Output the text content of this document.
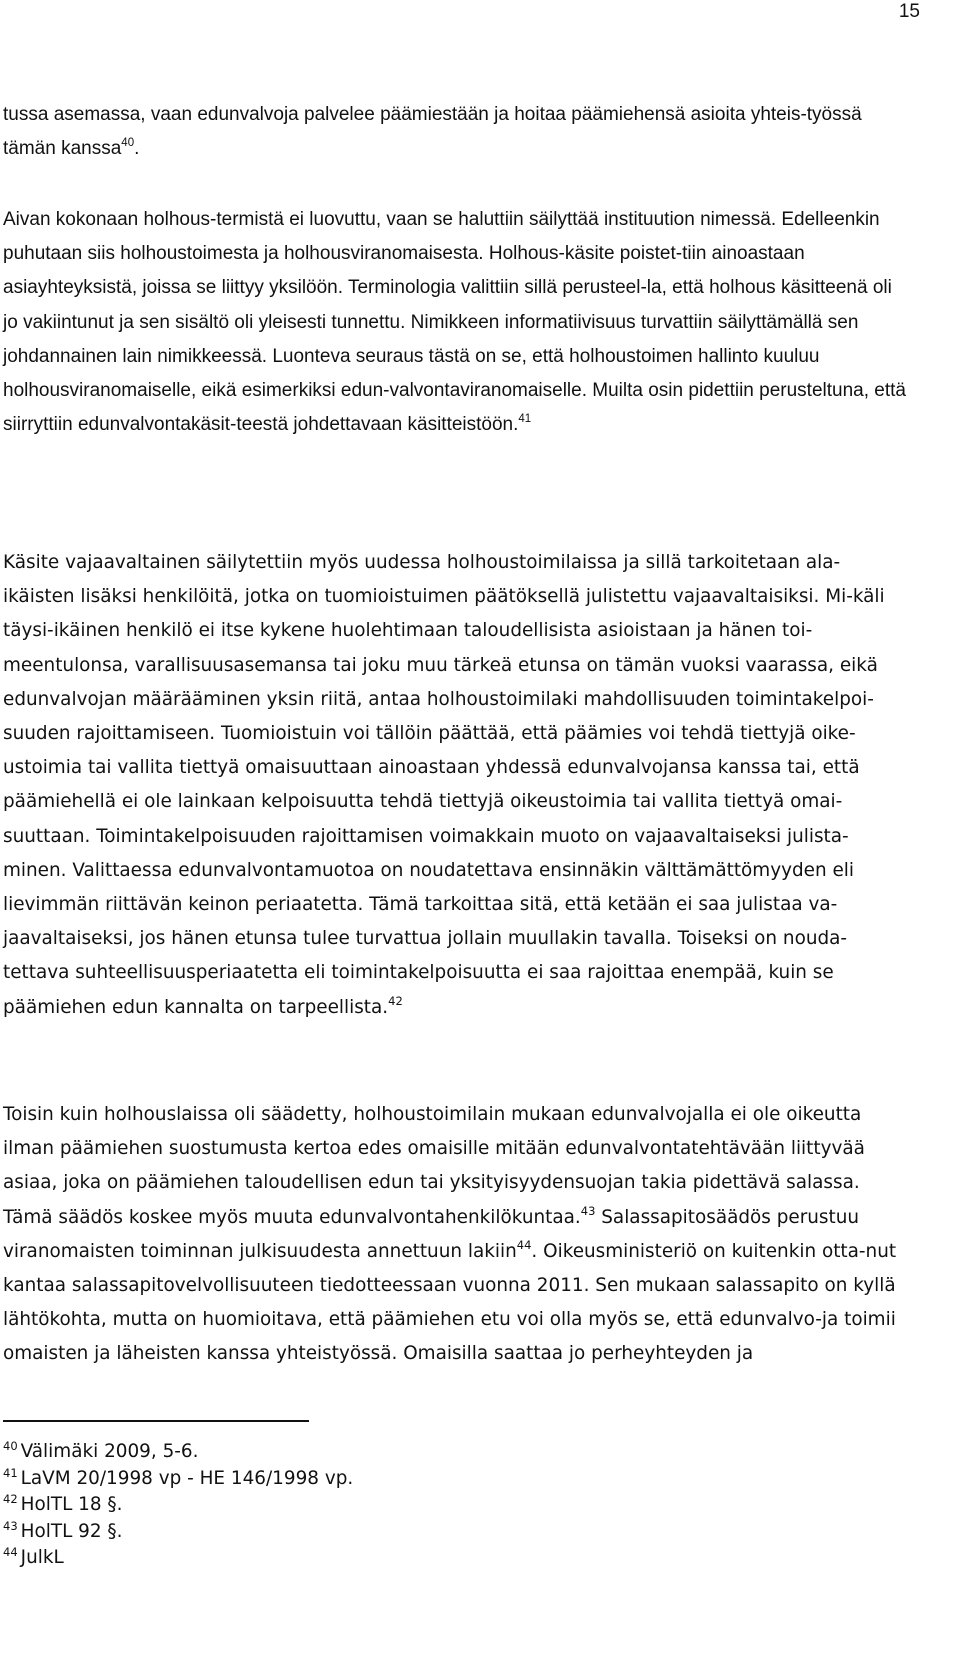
15

tussa asemassa, vaan edunvalvoja palvelee päämiestään ja hoitaa päämiehensä asioita yhteis-työssä tämän kanssa$^{40}$.

Aivan kokonaan holhous-termistä ei luovuttu, vaan se haluttiin säilyttää instituution nimessä. Edelleenkin puhutaan siis holhoustoimesta ja holhousviranomaisesta. Holhous-käsite poistet-tiin ainoastaan asiayhteyksistä, joissa se liittyy yksilöön. Terminologia valittiin sillä perusteel-la, että holhous käsitteenä oli jo vakiintunut ja sen sisältö oli yleisesti tunnettu. Nimikkeen informatiivisuus turvattiin säilyttämällä sen johdannainen lain nimikkeessä. Luonteva seuraus tästä on se, että holhoustoimen hallinto kuuluu holhousviranomaiselle, eikä esimerkiksi edun-valvontaviranomaiselle. Muilta osin pidettiin perusteltuna, että siirryttiin edunvalvontakäsit-teestä johdettavaan käsitteistöön.$^{41}$

Käsite vajaavaltainen säilytettiin myös uudessa holhoustoimilaissa ja sillä tarkoitetaan ala-ikäisten lisäksi henkilöitä, jotka on tuomioistuimen päätöksellä julistettu vajaavaltaisiksi. Mi-käli täysi-ikäinen henkilö ei itse kykene huolehtimaan taloudellisista asioistaan ja hänen toi-meentulonsa, varallisuusasemansa tai joku muu tärkeä etunsa on tämän vuoksi vaarassa, eikä edunvalvojan määrääminen yksin riitä, antaa holhoustoimilaki mahdollisuuden toimintakelpoi-suuden rajoittamiseen. Tuomioistuin voi tällöin päättää, että päämies voi tehdä tiettyjä oike-ustoimia tai vallita tiettyä omaisuuttaan ainoastaan yhdessä edunvalvojansa kanssa tai, että päämiehellä ei ole lainkaan kelpoisuutta tehdä tiettyjä oikeustoimia tai vallita tiettyä omai-suuttaan. Toimintakelpoisuuden rajoittamisen voimakkain muoto on vajaavaltaiseksi julista-minen. Valittaessa edunvalvontamuotoa on noudatettava ensinnäkin välttämättömyyden eli lievimmän riittävän keinon periaatetta. Tämä tarkoittaa sitä, että ketään ei saa julistaa va-jaavaltaiseksi, jos hänen etunsa tulee turvattua jollain muullakin tavalla. Toiseksi on nouda-tettava suhteellisuusperiaatetta eli toimintakelpoisuutta ei saa rajoittaa enempää, kuin se päämiehen edun kannalta on tarpeellista.$^{42}$

Toisin kuin holhouslaissa oli säädetty, holhoustoimilain mukaan edunvalvojalla ei ole oikeutta ilman päämiehen suostumusta kertoa edes omaisille mitään edunvalvontatehtävään liittyvää asiaa, joka on päämiehen taloudellisen edun tai yksityisyydensuojan takia pidettävä salassa. Tämä säädös koskee myös muuta edunvalvontahenkilökuntaa.$^{43}$ Salassapitosäädös perustuu viranomaisten toiminnan julkisuudesta annettuun lakiin$^{44}$. Oikeusministeriö on kuitenkin otta-nut kantaa salassapitovelvollisuuteen tiedotteessaan vuonna 2011. Sen mukaan salassapito on kyllä lähtökohta, mutta on huomioitava, että päämiehen etu voi olla myös se, että edunvalvo-ja toimii omaisten ja läheisten kanssa yhteistyössä. Omaisilla saattaa jo perheyhteyden ja

$^{40}$ Välimäki 2009, 5-6.
$^{41}$ LaVM 20/1998 vp - HE 146/1998 vp.
$^{42}$ HolTL 18 §.
$^{43}$ HolTL 92 §.
$^{44}$ JulkL
